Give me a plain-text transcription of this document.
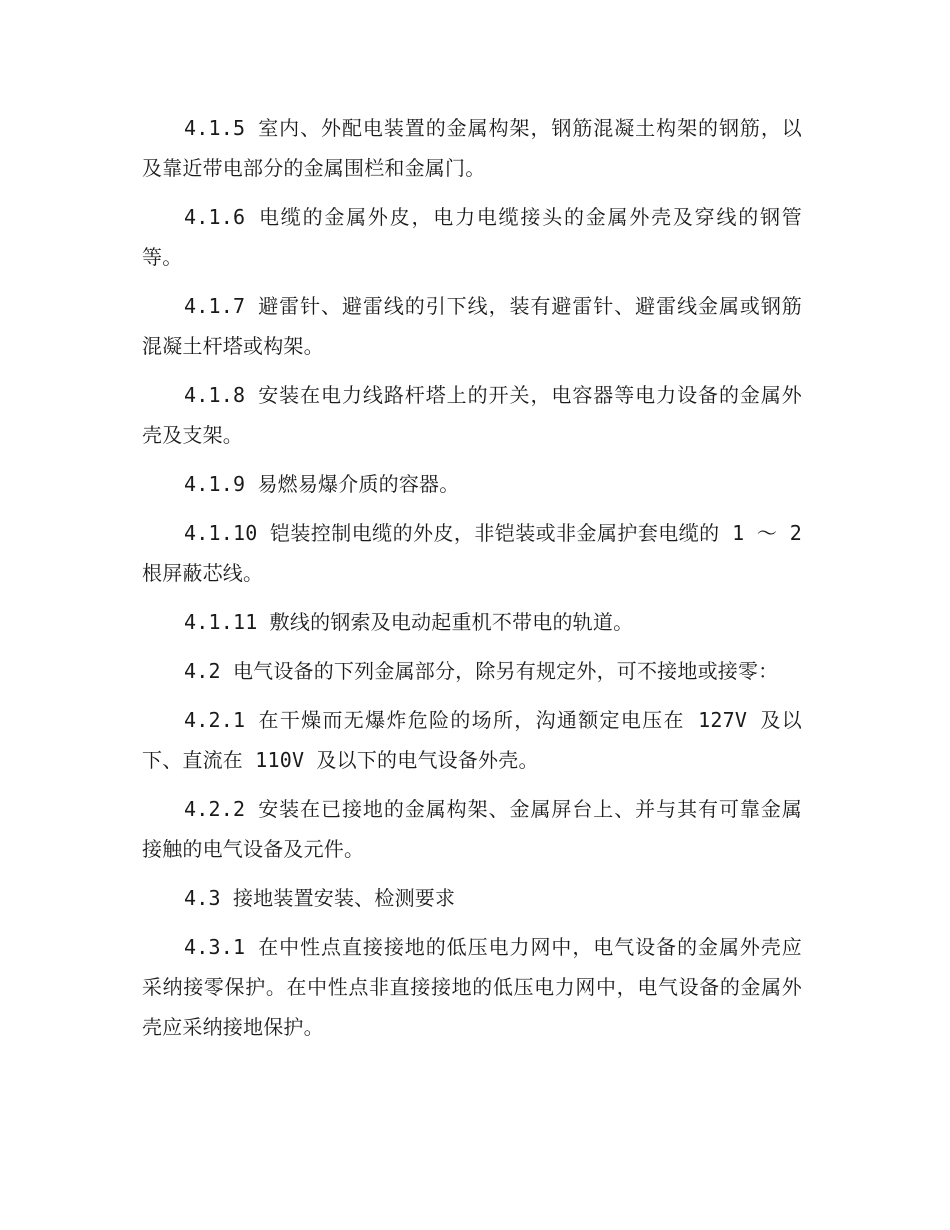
4.1.5 室内、外配电装置的金属构架，钢筋混凝土构架的钢筋，以及靠近带电部分的金属围栏和金属门。

4.1.6 电缆的金属外皮，电力电缆接头的金属外壳及穿线的钢管等。

4.1.7 避雷针、避雷线的引下线，装有避雷针、避雷线金属或钢筋混凝土杆塔或构架。

4.1.8 安装在电力线路杆塔上的开关，电容器等电力设备的金属外壳及支架。

4.1.9 易燃易爆介质的容器。

4.1.10 铠装控制电缆的外皮，非铠装或非金属护套电缆的 1 ～ 2 根屏蔽芯线。

4.1.11 敷线的钢索及电动起重机不带电的轨道。

4.2 电气设备的下列金属部分，除另有规定外，可不接地或接零：

4.2.1 在干燥而无爆炸危险的场所，沟通额定电压在 127V 及以下、直流在 110V 及以下的电气设备外壳。

4.2.2 安装在已接地的金属构架、金属屏台上、并与其有可靠金属接触的电气设备及元件。

4.3 接地装置安装、检测要求

4.3.1 在中性点直接接地的低压电力网中，电气设备的金属外壳应采纳接零保护。在中性点非直接接地的低压电力网中，电气设备的金属外壳应采纳接地保护。
